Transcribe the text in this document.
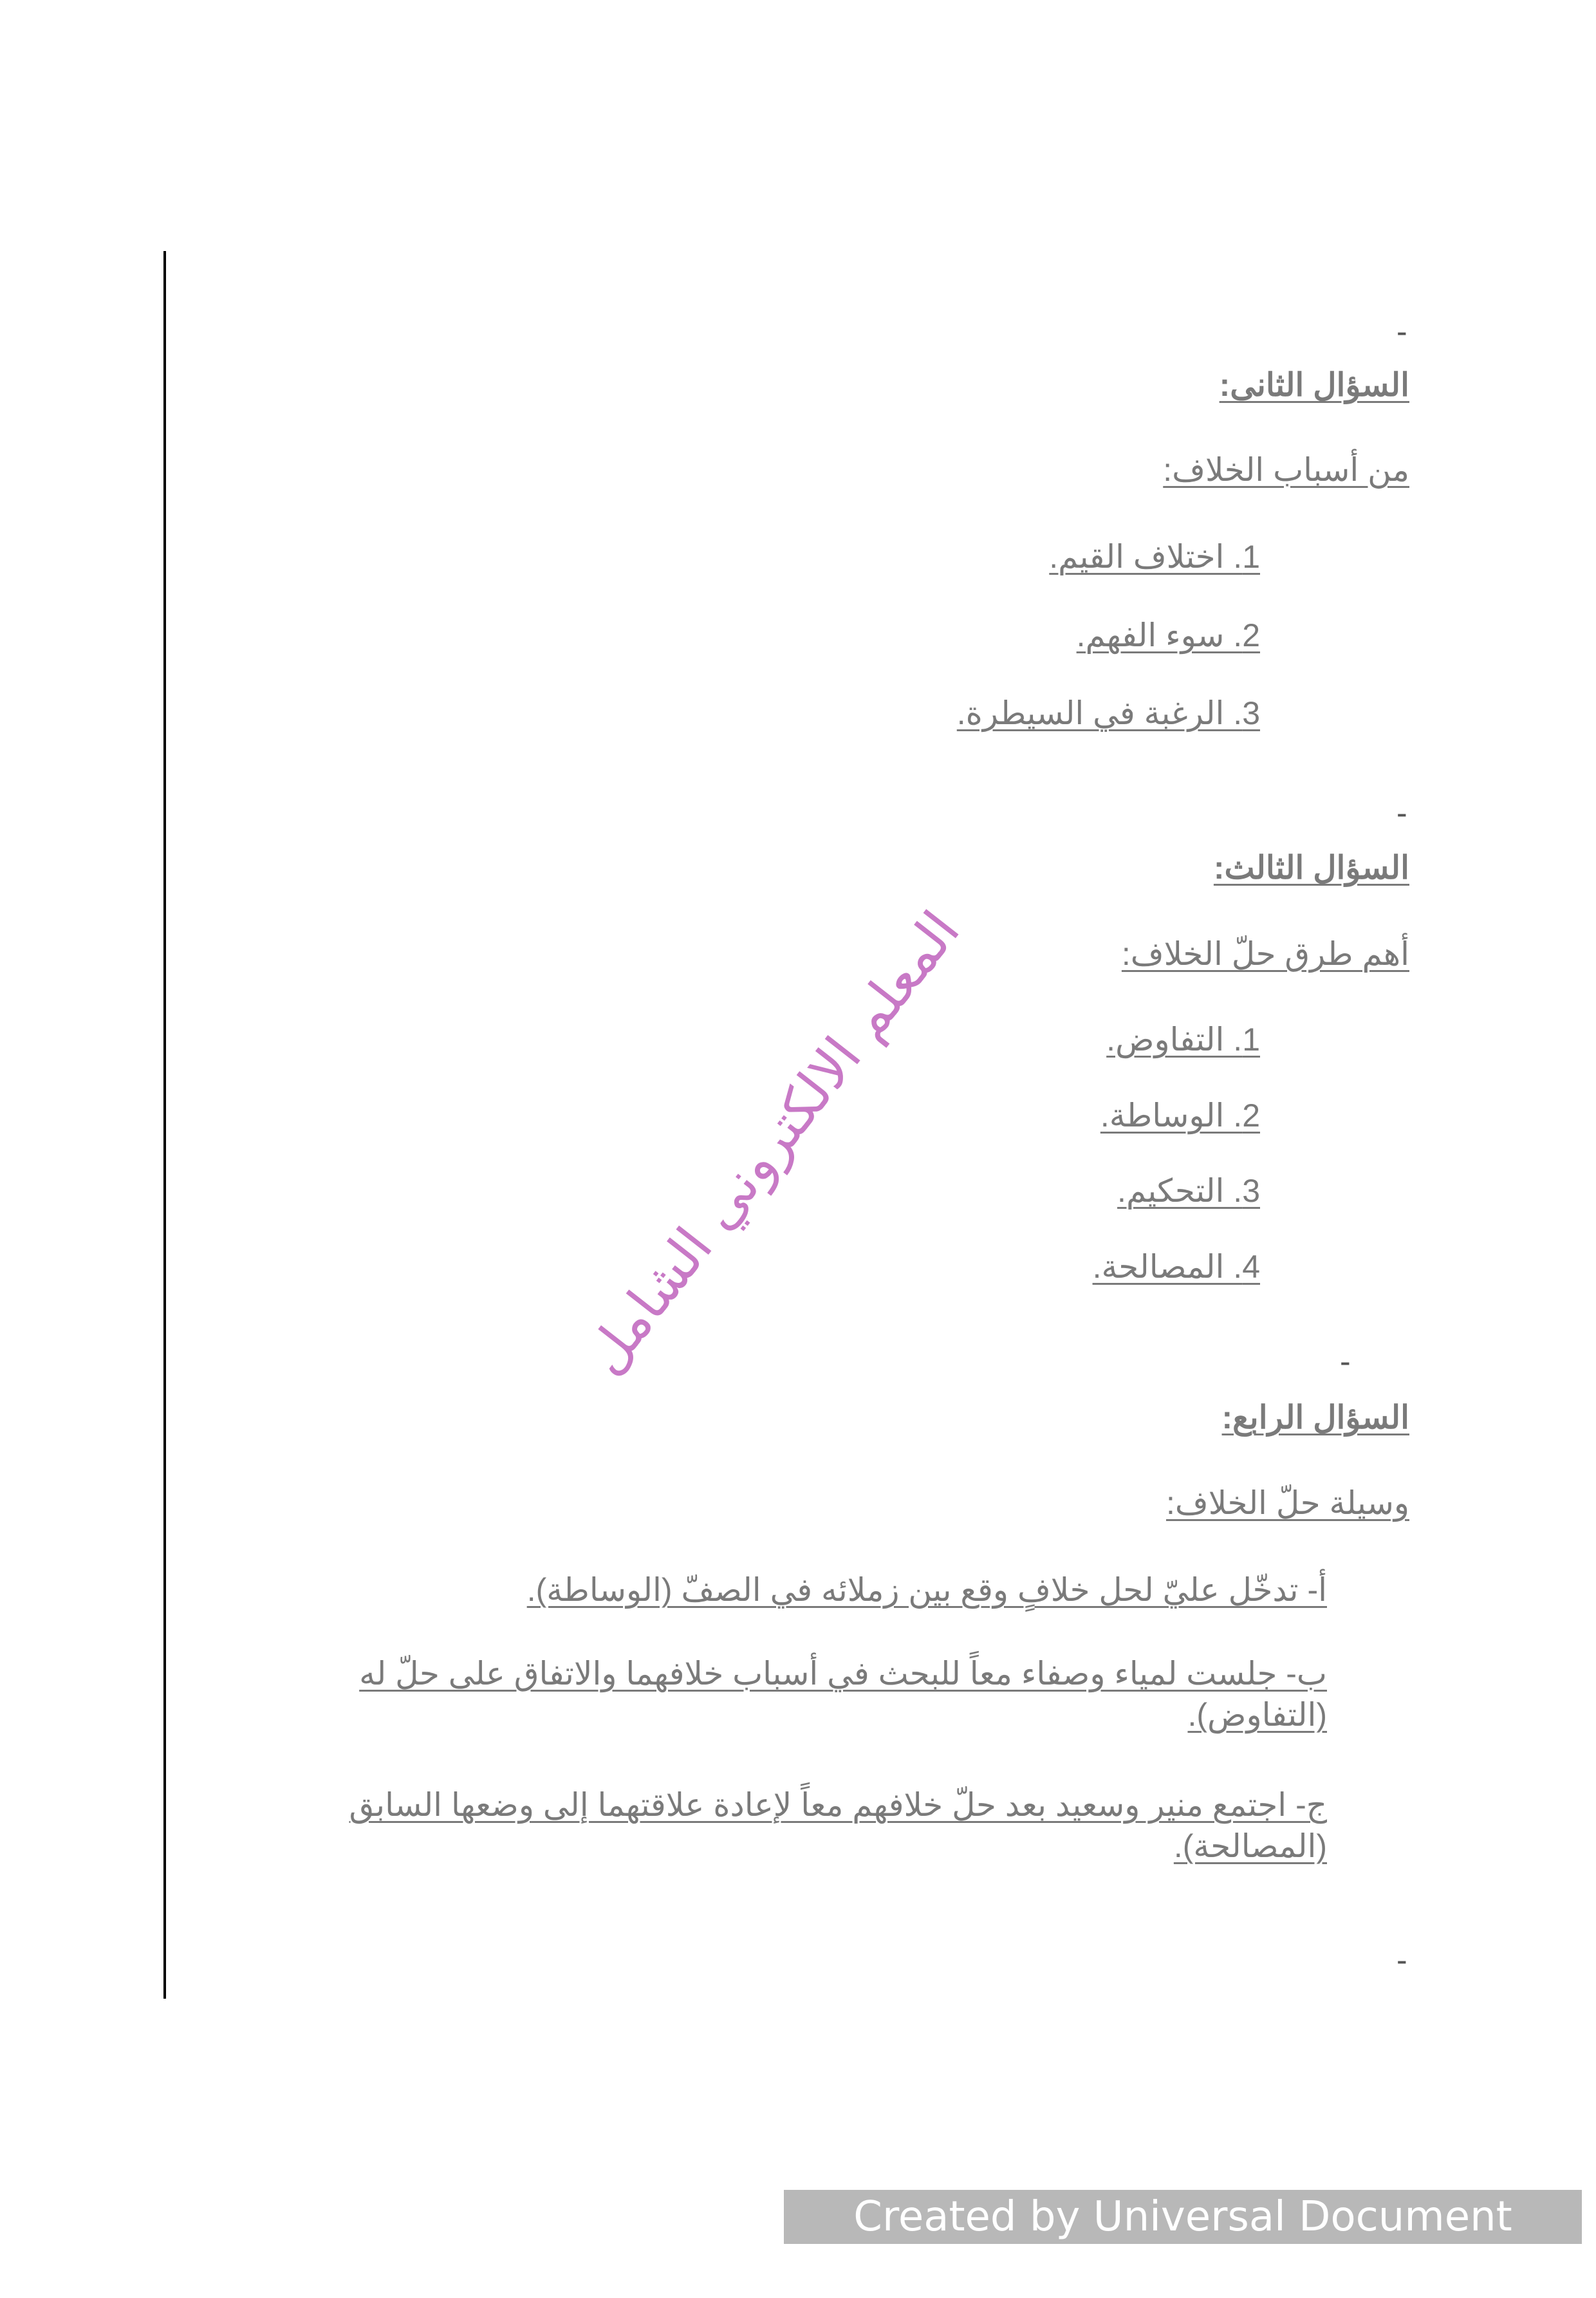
-
السؤال الثانى:
من أسباب الخلاف:
1. اختلاف القيم.
2. سوء الفهم.
3. الرغبة في السيطرة.
-
السؤال الثالث:
أهم طرق حلّ الخلاف:
1. التفاوض.
2. الوساطة.
3. التحكيم.
4. المصالحة.
-
السؤال الرابع:
وسيلة حلّ الخلاف:
أ- تدخّل عليّ لحل خلافٍ وقع بين زملائه في الصفّ (الوساطة).
ب- جلست لمياء وصفاء معاً للبحث في أسباب خلافهما والاتفاق على حلّ له (التفاوض).
ج- اجتمع منير وسعيد بعد حلّ خلافهم معاً لإعادة علاقتهما إلى وضعها السابق (المصالحة).
-
المعلم الالكتروني الشامل
Created by Universal Document Converter
